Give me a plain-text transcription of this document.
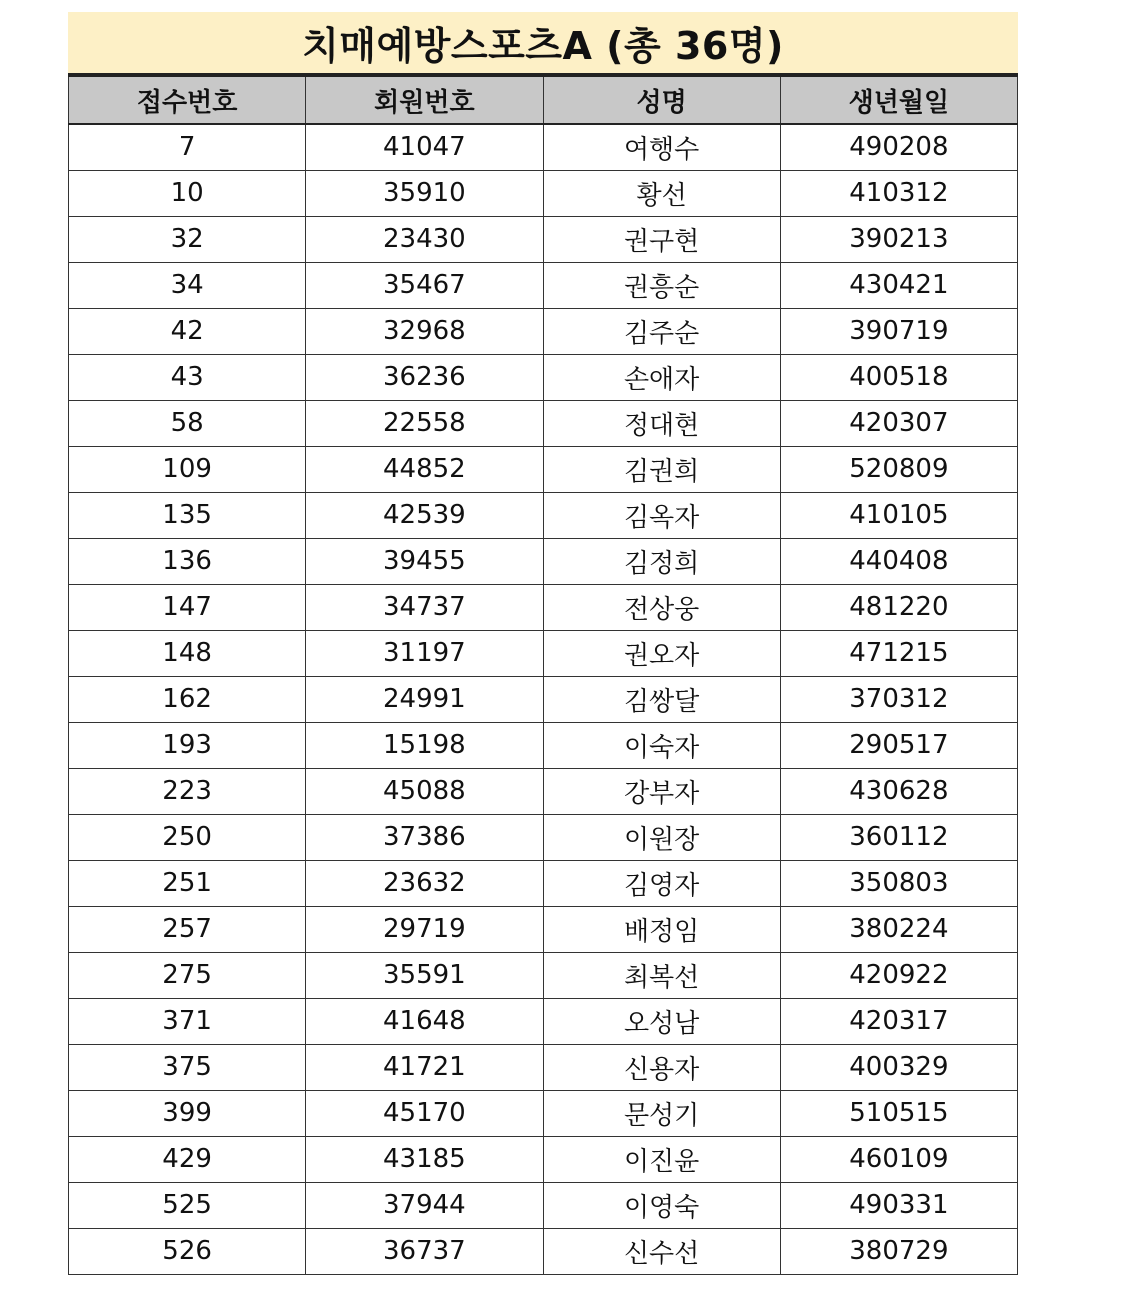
치매예방스포츠A (총 36명)
접수번호	회원번호	성명	생년월일
7	41047	여행수	490208
10	35910	황선	410312
32	23430	권구현	390213
34	35467	권흥순	430421
42	32968	김주순	390719
43	36236	손애자	400518
58	22558	정대현	420307
109	44852	김권희	520809
135	42539	김옥자	410105
136	39455	김정희	440408
147	34737	전상웅	481220
148	31197	권오자	471215
162	24991	김쌍달	370312
193	15198	이숙자	290517
223	45088	강부자	430628
250	37386	이원장	360112
251	23632	김영자	350803
257	29719	배정임	380224
275	35591	최복선	420922
371	41648	오성남	420317
375	41721	신용자	400329
399	45170	문성기	510515
429	43185	이진윤	460109
525	37944	이영숙	490331
526	36737	신수선	380729
